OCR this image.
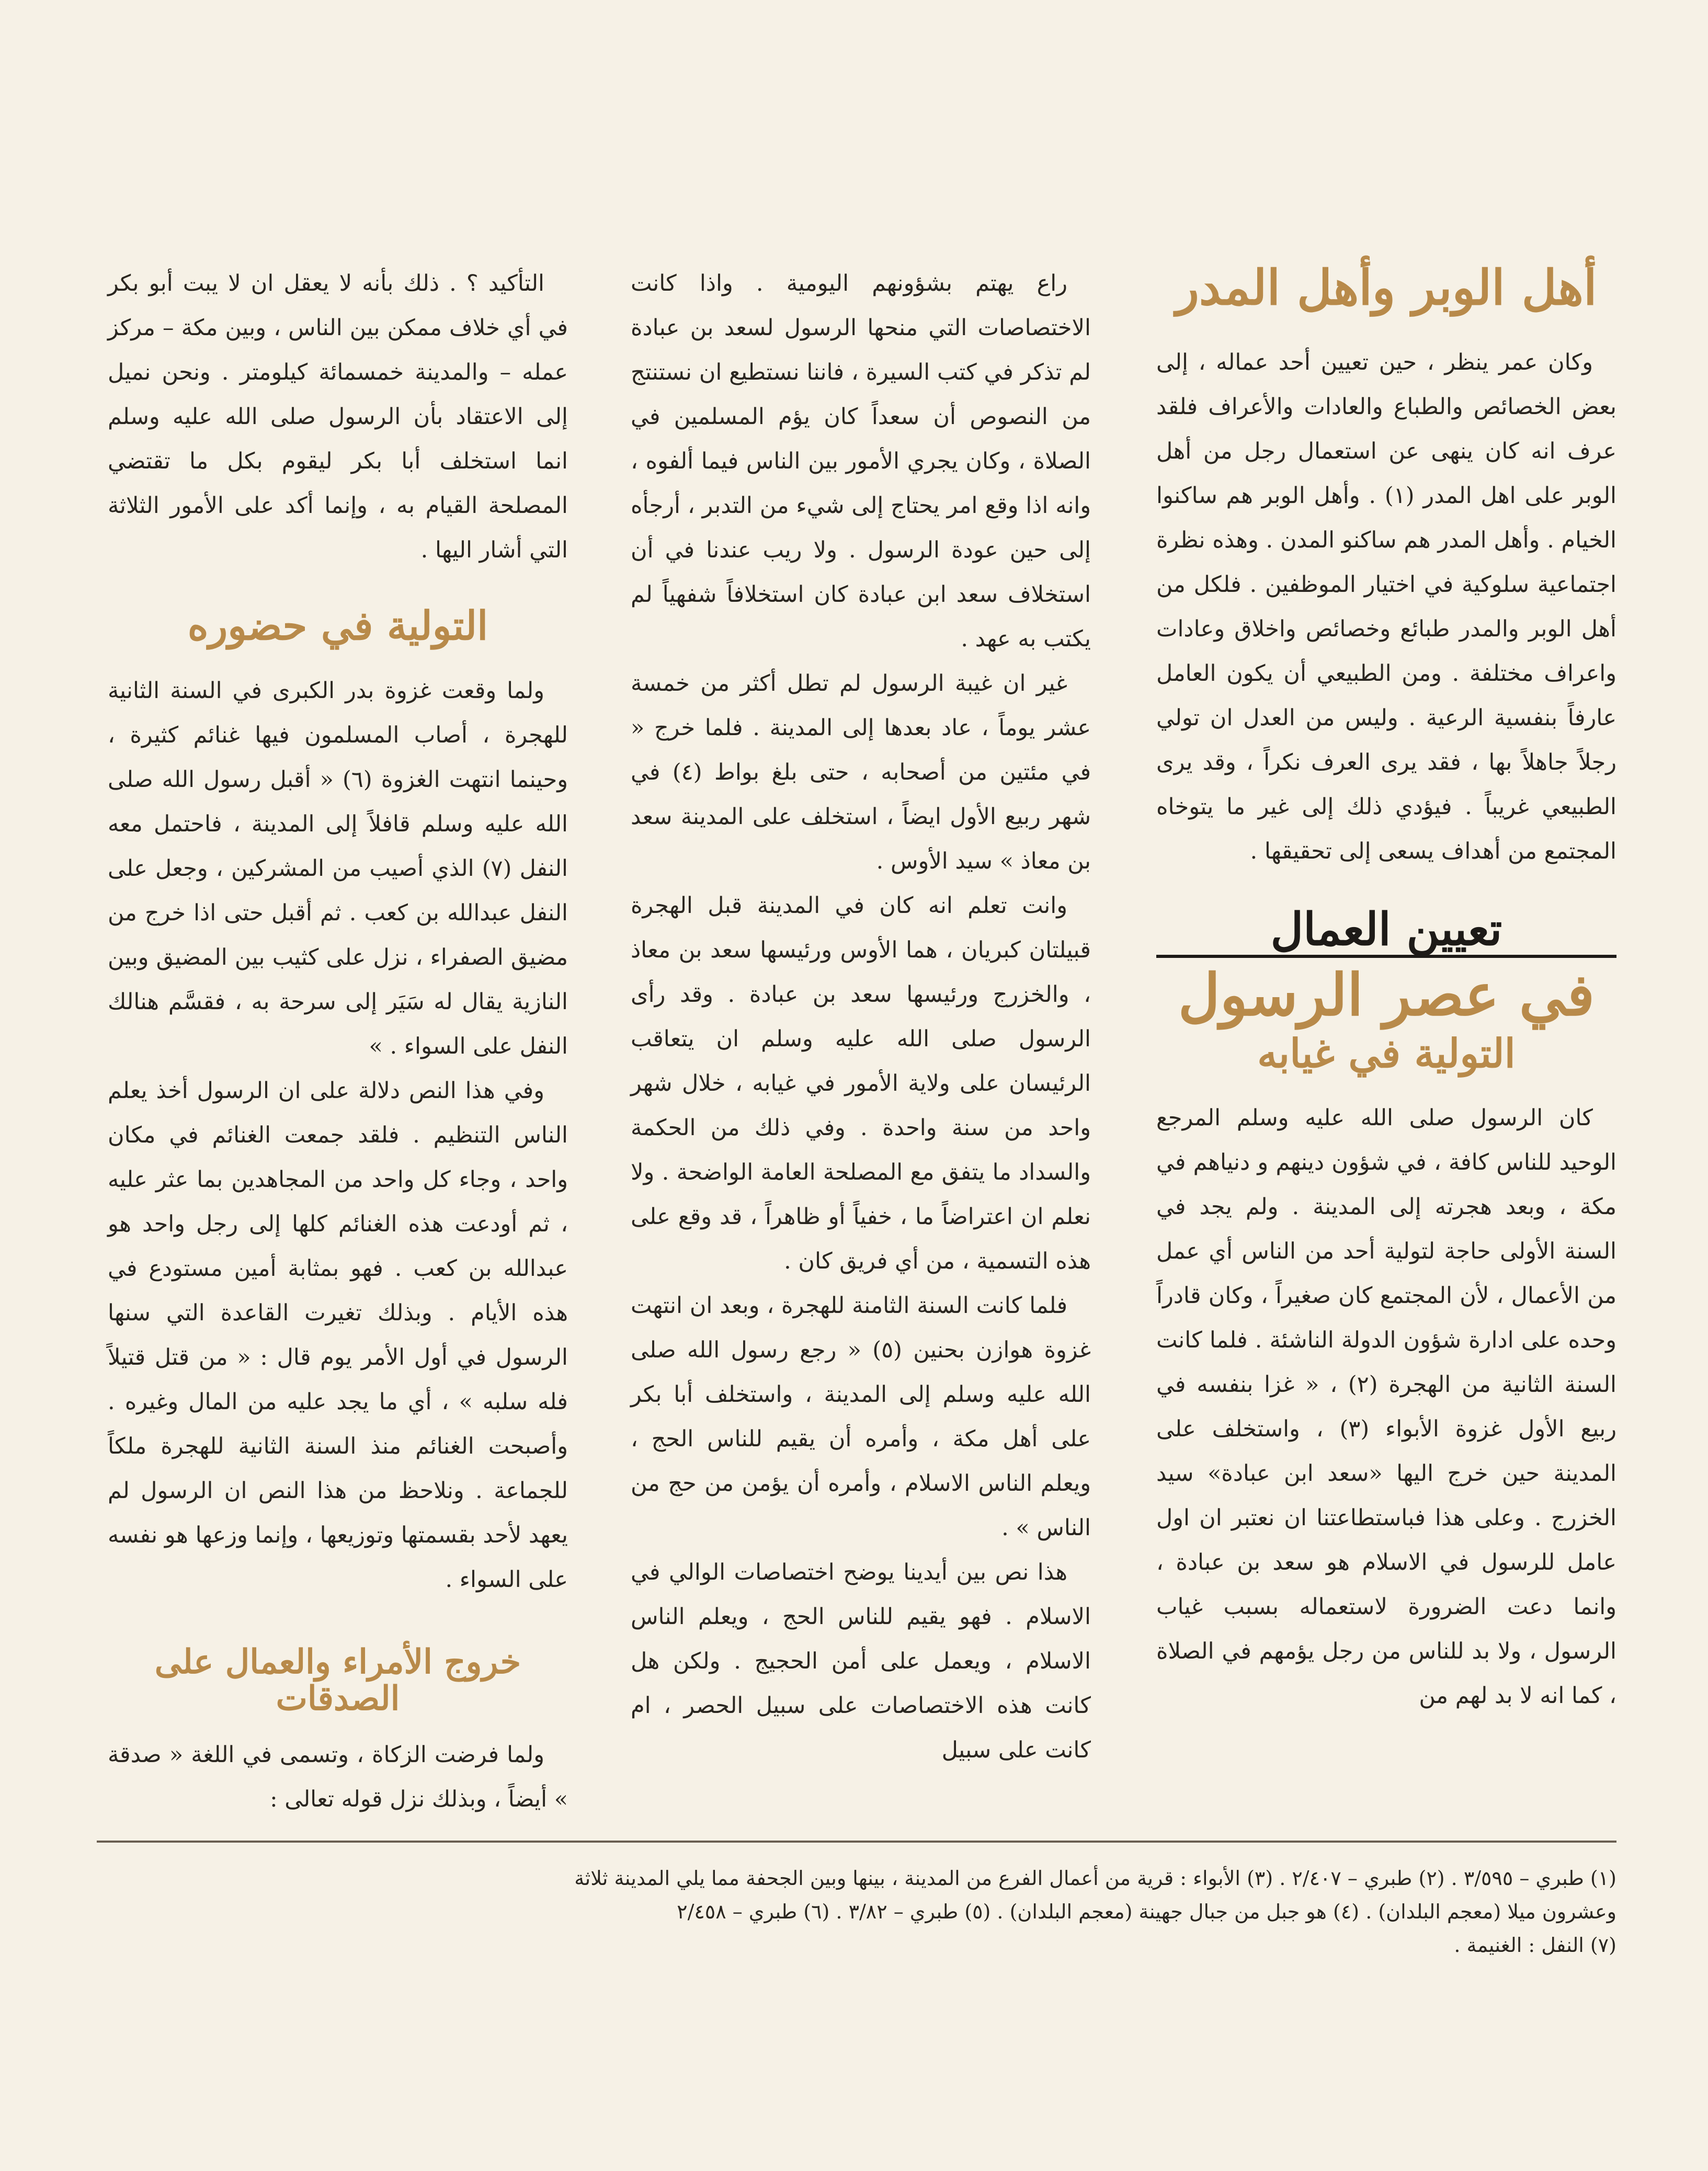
أهل الوبر وأهل المدر

وكان عمر ينظر ، حين تعيين أحد عماله ، إلى بعض الخصائص والطباع والعادات والأعراف فلقد عرف انه كان ينهى عن استعمال رجل من أهل الوبر على اهل المدر (١) . وأهل الوبر هم ساكنوا الخيام . وأهل المدر هم ساكنو المدن . وهذه نظرة اجتماعية سلوكية في اختيار الموظفين . فلكل من أهل الوبر والمدر طبائع وخصائص واخلاق وعادات واعراف مختلفة . ومن الطبيعي أن يكون العامل عارفاً بنفسية الرعية . وليس من العدل ان تولي رجلاً جاهلاً بها ، فقد يرى العرف نكراً ، وقد يرى الطبيعي غريباً . فيؤدي ذلك إلى غير ما يتوخاه المجتمع من أهداف يسعى إلى تحقيقها .

تعيين العمال
في عصر الرسول
التولية في غيابه

كان الرسول صلى الله عليه وسلم المرجع الوحيد للناس كافة ، في شؤون دينهم و دنياهم في مكة ، وبعد هجرته إلى المدينة . ولم يجد في السنة الأولى حاجة لتولية أحد من الناس أي عمل من الأعمال ، لأن المجتمع كان صغيراً ، وكان قادراً وحده على ادارة شؤون الدولة الناشئة . فلما كانت السنة الثانية من الهجرة (٢) ، « غزا بنفسه في ربيع الأول غزوة الأبواء (٣) ، واستخلف على المدينة حين خرج اليها «سعد ابن عبادة» سيد الخزرج . وعلى هذا فباستطاعتنا ان نعتبر ان اول عامل للرسول في الاسلام هو سعد بن عبادة ، وانما دعت الضرورة لاستعماله بسبب غياب الرسول ، ولا بد للناس من رجل يؤمهم في الصلاة ، كما انه لا بد لهم من

راع يهتم بشؤونهم اليومية . واذا كانت الاختصاصات التي منحها الرسول لسعد بن عبادة لم تذكر في كتب السيرة ، فاننا نستطيع ان نستنتج من النصوص أن سعداً كان يؤم المسلمين في الصلاة ، وكان يجري الأمور بين الناس فيما ألفوه ، وانه اذا وقع امر يحتاج إلى شيء من التدبر ، أرجأه إلى حين عودة الرسول . ولا ريب عندنا في أن استخلاف سعد ابن عبادة كان استخلافاً شفهياً لم يكتب به عهد .

غير ان غيبة الرسول لم تطل أكثر من خمسة عشر يوماً ، عاد بعدها إلى المدينة . فلما خرج « في مئتين من أصحابه ، حتى بلغ بواط (٤) في شهر ربيع الأول ايضاً ، استخلف على المدينة سعد بن معاذ » سيد الأوس .

وانت تعلم انه كان في المدينة قبل الهجرة قبيلتان كبريان ، هما الأوس ورئيسها سعد بن معاذ ، والخزرج ورئيسها سعد بن عبادة . وقد رأى الرسول صلى الله عليه وسلم ان يتعاقب الرئيسان على ولاية الأمور في غيابه ، خلال شهر واحد من سنة واحدة . وفي ذلك من الحكمة والسداد ما يتفق مع المصلحة العامة الواضحة . ولا نعلم ان اعتراضاً ما ، خفياً أو ظاهراً ، قد وقع على هذه التسمية ، من أي فريق كان .

فلما كانت السنة الثامنة للهجرة ، وبعد ان انتهت غزوة هوازن بحنين (٥) « رجع رسول الله صلى الله عليه وسلم إلى المدينة ، واستخلف أبا بكر على أهل مكة ، وأمره أن يقيم للناس الحج ، ويعلم الناس الاسلام ، وأمره أن يؤمن من حج من الناس » .

هذا نص بين أيدينا يوضح اختصاصات الوالي في الاسلام . فهو يقيم للناس الحج ، ويعلم الناس الاسلام ، ويعمل على أمن الحجيج . ولكن هل كانت هذه الاختصاصات على سبيل الحصر ، ام كانت على سبيل

التأكيد ؟ . ذلك بأنه لا يعقل ان لا يبت أبو بكر في أي خلاف ممكن بين الناس ، وبين مكة – مركز عمله – والمدينة خمسمائة كيلومتر . ونحن نميل إلى الاعتقاد بأن الرسول صلى الله عليه وسلم انما استخلف أبا بكر ليقوم بكل ما تقتضي المصلحة القيام به ، وإنما أكد على الأمور الثلاثة التي أشار اليها .

التولية في حضوره

ولما وقعت غزوة بدر الكبرى في السنة الثانية للهجرة ، أصاب المسلمون فيها غنائم كثيرة ، وحينما انتهت الغزوة (٦) « أقبل رسول الله صلى الله عليه وسلم قافلاً إلى المدينة ، فاحتمل معه النفل (٧) الذي أصيب من المشركين ، وجعل على النفل عبدالله بن كعب . ثم أقبل حتى اذا خرج من مضيق الصفراء ، نزل على كثيب بين المضيق وبين النازية يقال له سَيَر إلى سرحة به ، فقسَّم هنالك النفل على السواء . »

وفي هذا النص دلالة على ان الرسول أخذ يعلم الناس التنظيم . فلقد جمعت الغنائم في مكان واحد ، وجاء كل واحد من المجاهدين بما عثر عليه ، ثم أودعت هذه الغنائم كلها إلى رجل واحد هو عبدالله بن كعب . فهو بمثابة أمين مستودع في هذه الأيام . وبذلك تغيرت القاعدة التي سنها الرسول في أول الأمر يوم قال : « من قتل قتيلاً فله سلبه » ، أي ما يجد عليه من المال وغيره . وأصبحت الغنائم منذ السنة الثانية للهجرة ملكاً للجماعة . ونلاحظ من هذا النص ان الرسول لم يعهد لأحد بقسمتها وتوزيعها ، وإنما وزعها هو نفسه على السواء .

خروج الأمراء والعمال على الصدقات

ولما فرضت الزكاة ، وتسمى في اللغة « صدقة » أيضاً ، وبذلك نزل قوله تعالى :

(١) طبري – ٣/٥٩٥ . (٢) طبري – ٢/٤٠٧ . (٣) الأبواء : قرية من أعمال الفرع من المدينة ، بينها وبين الجحفة مما يلي المدينة ثلاثة

وعشرون ميلا (معجم البلدان) . (٤) هو جبل من جبال جهينة (معجم البلدان) . (٥) طبري – ٣/٨٢ . (٦) طبري – ٢/٤٥٨

(٧) النفل : الغنيمة .
